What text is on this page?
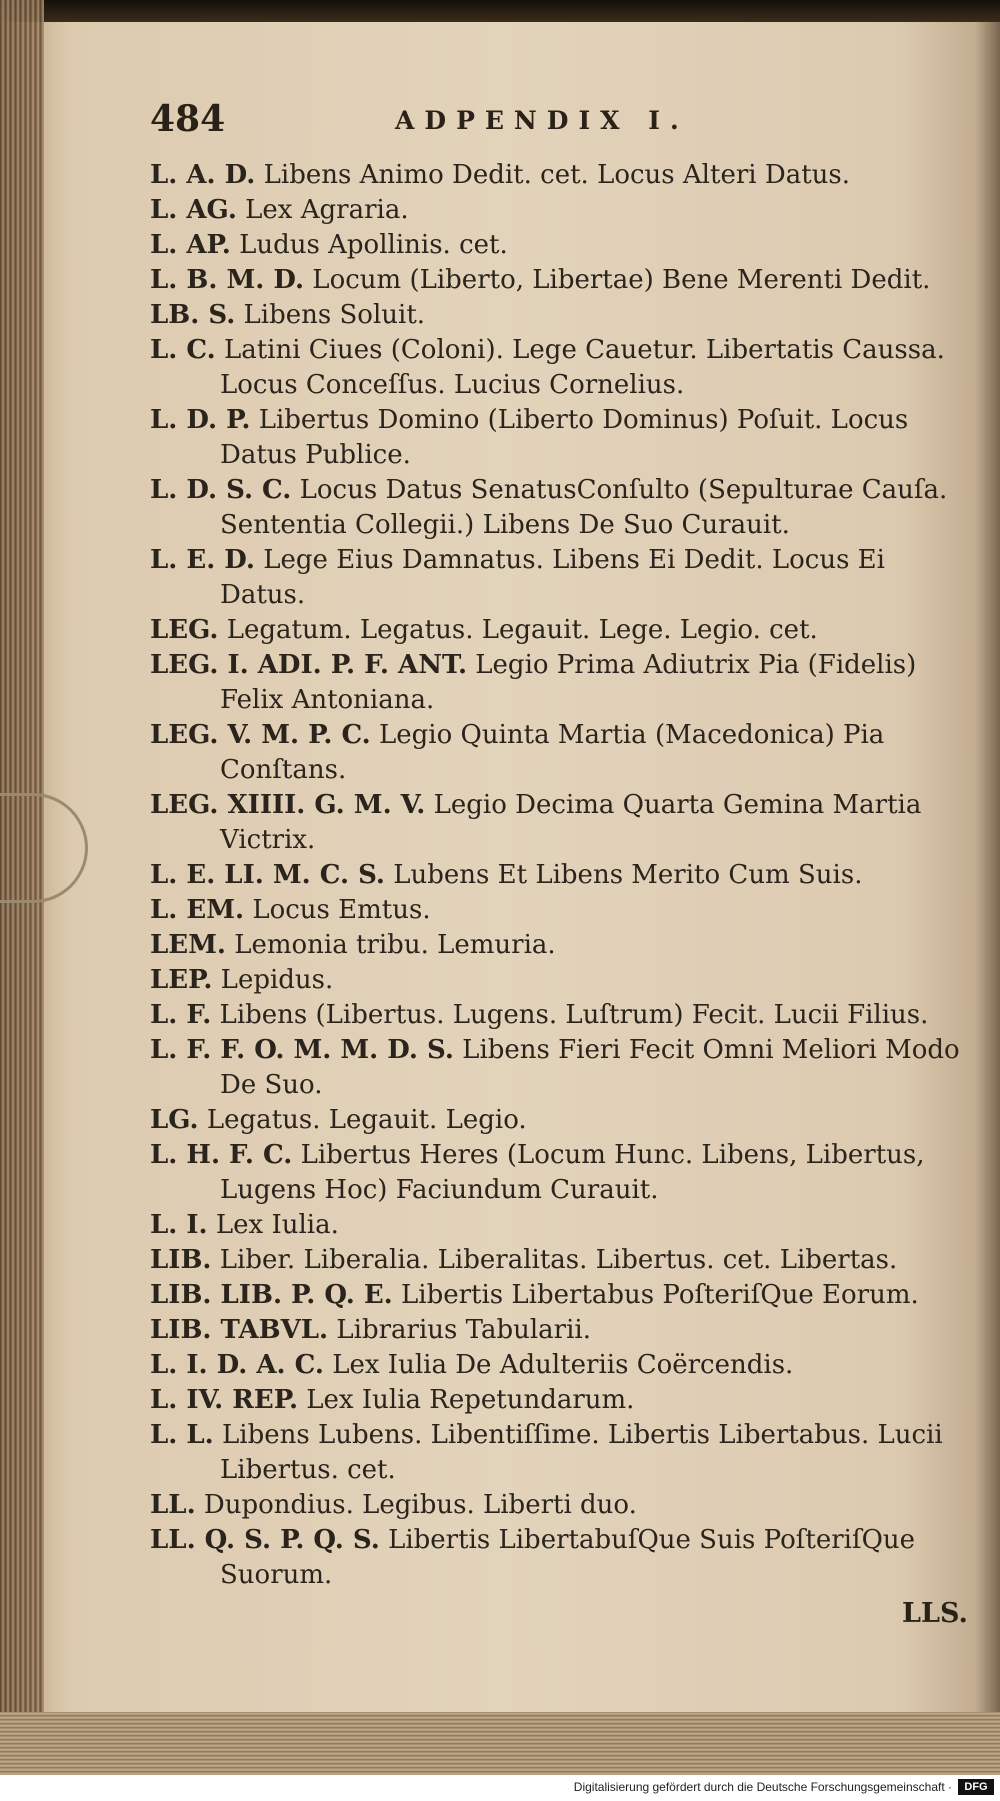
484	ADPENDIX I.
L. A. D. Libens Animo Dedit. cet. Locus Alteri Datus.
L. AG. Lex Agraria.
L. AP. Ludus Apollinis. cet.
L. B. M. D. Locum (Liberto, Libertae) Bene Merenti Dedit.
LB. S. Libens Soluit.
L. C. Latini Ciues (Coloni). Lege Cauetur. Libertatis Caussa. Locus Conceſſus. Lucius Cornelius.
L. D. P. Libertus Domino (Liberto Dominus) Poſuit. Locus Datus Publice.
L. D. S. C. Locus Datus SenatusConſulto (Sepulturae Cauſa. Sententia Collegii.) Libens De Suo Curauit.
L. E. D. Lege Eius Damnatus. Libens Ei Dedit. Locus Ei Datus.
LEG. Legatum. Legatus. Legauit. Lege. Legio. cet.
LEG. I. ADI. P. F. ANT. Legio Prima Adiutrix Pia (Fidelis) Felix Antoniana.
LEG. V. M. P. C. Legio Quinta Martia (Macedonica) Pia Conſtans.
LEG. XIIII. G. M. V. Legio Decima Quarta Gemina Martia Victrix.
L. E. LI. M. C. S. Lubens Et Libens Merito Cum Suis.
L. EM. Locus Emtus.
LEM. Lemonia tribu. Lemuria.
LEP. Lepidus.
L. F. Libens (Libertus. Lugens. Luſtrum) Fecit. Lucii Filius.
L. F. F. O. M. M. D. S. Libens Fieri Fecit Omni Meliori Modo De Suo.
LG. Legatus. Legauit. Legio.
L. H. F. C. Libertus Heres (Locum Hunc. Libens, Libertus, Lugens Hoc) Faciundum Curauit.
L. I. Lex Iulia.
LIB. Liber. Liberalia. Liberalitas. Libertus. cet. Libertas.
LIB. LIB. P. Q. E. Libertis Libertabus PoſteriſQue Eorum.
LIB. TABVL. Librarius Tabularii.
L. I. D. A. C. Lex Iulia De Adulteriis Coërcendis.
L. IV. REP. Lex Iulia Repetundarum.
L. L. Libens Lubens. Libentiſſime. Libertis Libertabus. Lucii Libertus. cet.
LL. Dupondius. Legibus. Liberti duo.
LL. Q. S. P. Q. S. Libertis LibertabuſQue Suis PoſteriſQue Suorum.
LLS.
Digitalisierung gefördert durch die Deutsche Forschungsgemeinschaft ·	DFG
